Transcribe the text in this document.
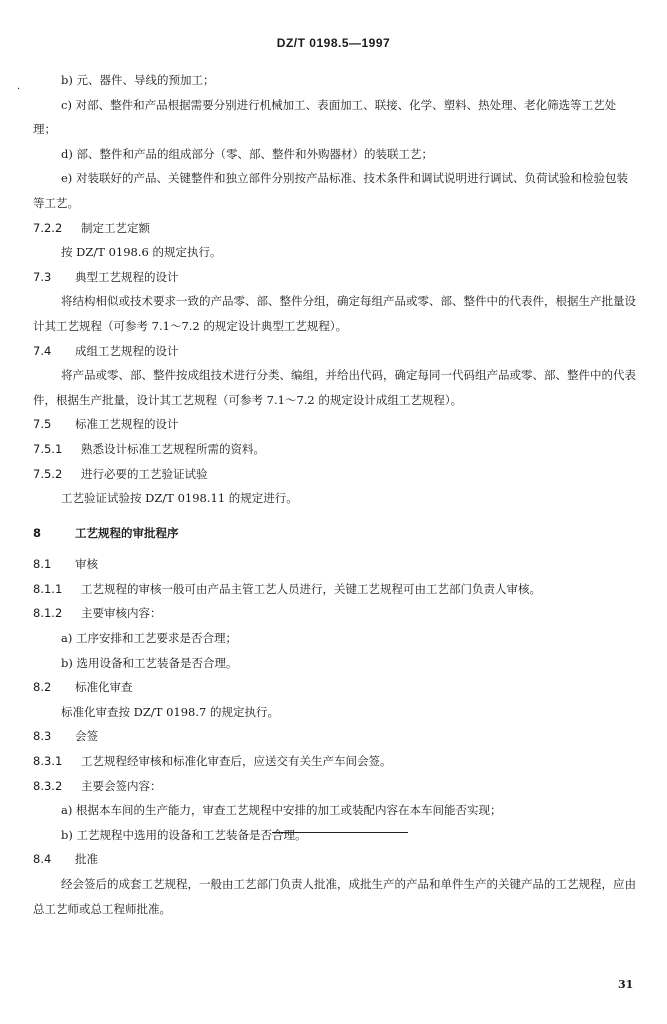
DZ/T 0198.5—1997
·
b) 元、器件、导线的预加工；
c) 对部、整件和产品根据需要分别进行机械加工、表面加工、联接、化学、塑料、热处理、老化筛选等工艺处理；
d) 部、整件和产品的组成部分（零、部、整件和外购器材）的装联工艺；
e) 对装联好的产品、关键整件和独立部件分别按产品标准、技术条件和调试说明进行调试、负荷试验和检验包装等工艺。
7.2.2 制定工艺定额
按 DZ/T 0198.6 的规定执行。
7.3 典型工艺规程的设计
将结构相似或技术要求一致的产品零、部、整件分组，确定每组产品或零、部、整件中的代表件，根据生产批量设计其工艺规程（可参考 7.1～7.2 的规定设计典型工艺规程）。
7.4 成组工艺规程的设计
将产品或零、部、整件按成组技术进行分类、编组，并给出代码，确定每同一代码组产品或零、部、整件中的代表件，根据生产批量，设计其工艺规程（可参考 7.1～7.2 的规定设计成组工艺规程）。
7.5 标准工艺规程的设计
7.5.1 熟悉设计标准工艺规程所需的资料。
7.5.2 进行必要的工艺验证试验
工艺验证试验按 DZ/T 0198.11 的规定进行。
8	工艺规程的审批程序
8.1 审核
8.1.1 工艺规程的审核一般可由产品主管工艺人员进行，关键工艺规程可由工艺部门负责人审核。
8.1.2 主要审核内容：
a) 工序安排和工艺要求是否合理；
b) 选用设备和工艺装备是否合理。
8.2 标准化审查
标准化审查按 DZ/T 0198.7 的规定执行。
8.3 会签
8.3.1 工艺规程经审核和标准化审查后，应送交有关生产车间会签。
8.3.2 主要会签内容：
a) 根据本车间的生产能力，审查工艺规程中安排的加工或装配内容在本车间能否实现；
b) 工艺规程中选用的设备和工艺装备是否合理。
8.4 批准
经会签后的成套工艺规程，一般由工艺部门负责人批准，成批生产的产品和单件生产的关键产品的工艺规程，应由总工艺师或总工程师批准。
31
